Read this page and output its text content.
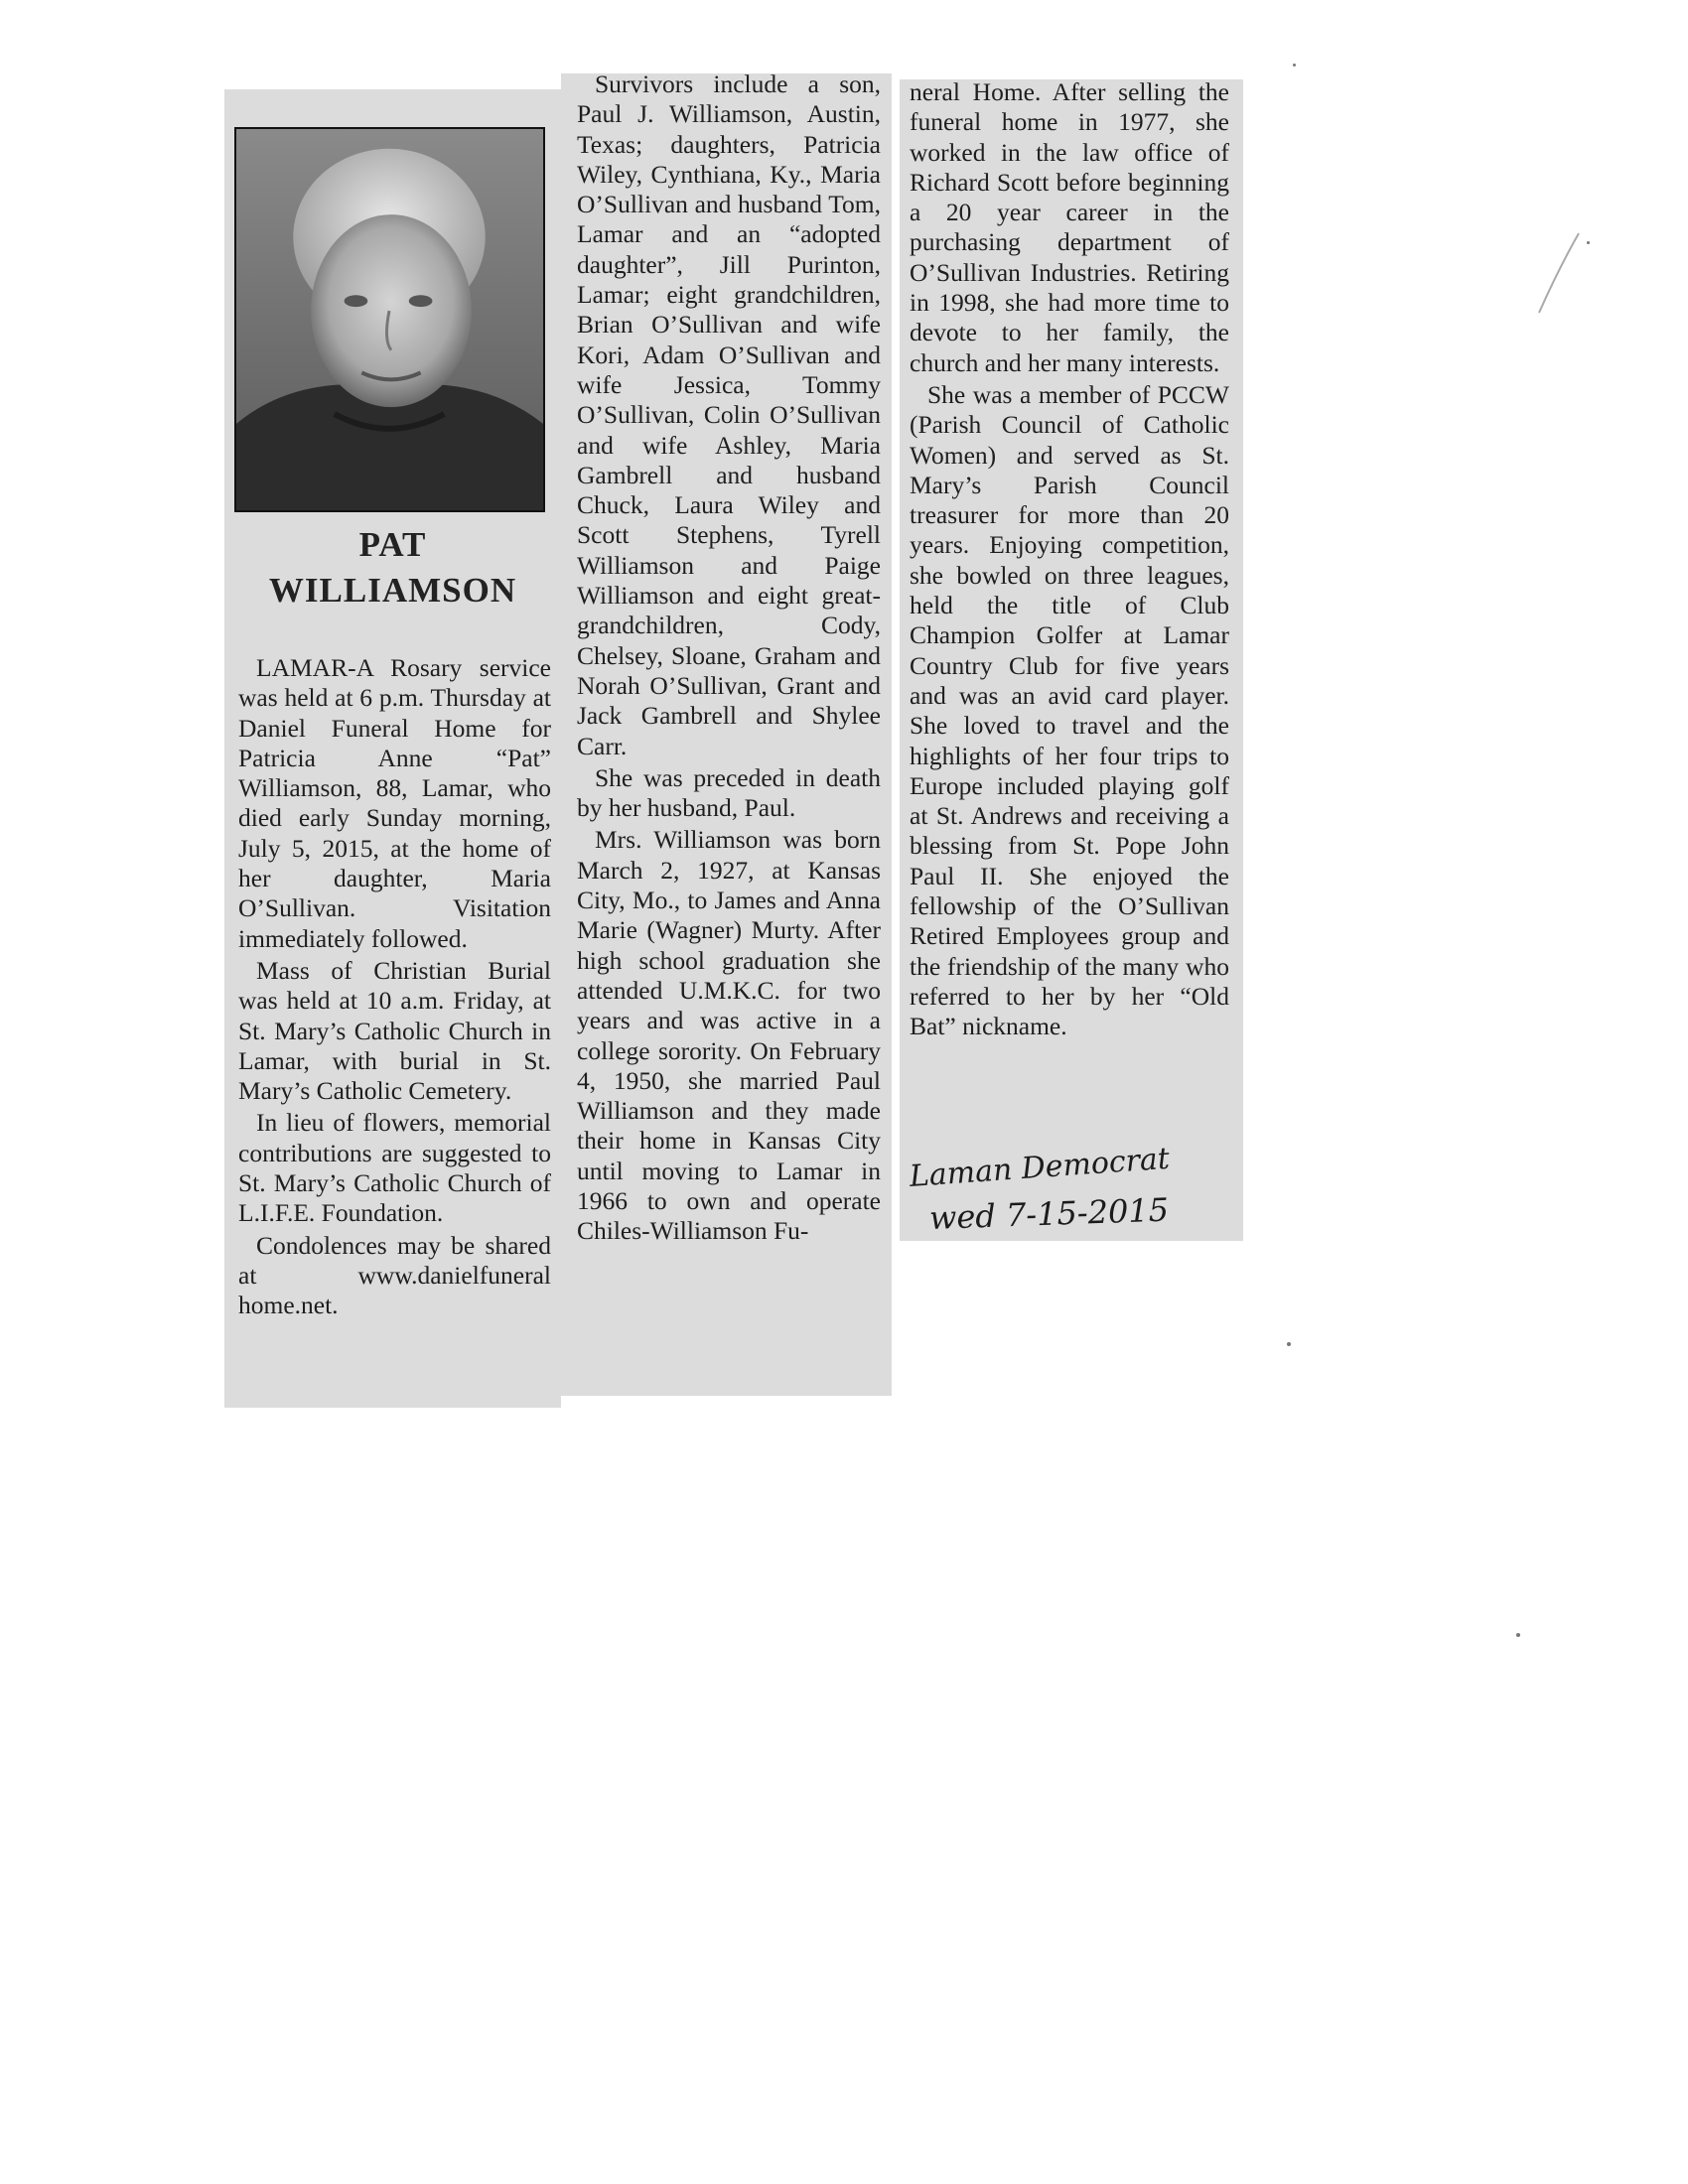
PAT
WILLIAMSON

LAMAR-A Rosary service was held at 6 p.m. Thursday at Daniel Funeral Home for Patricia Anne “Pat” Williamson, 88, Lamar, who died early Sunday morning, July 5, 2015, at the home of her daughter, Maria O’Sullivan. Visitation immediately followed.

Mass of Christian Burial was held at 10 a.m. Friday, at St. Mary’s Catholic Church in Lamar, with burial in St. Mary’s Catholic Cemetery.

In lieu of flowers, memorial contributions are suggested to St. Mary’s Catholic Church of L.I.F.E. Foundation.

Condolences may be shared at www.danielfuneral home.net.

Survivors include a son, Paul J. Williamson, Austin, Texas; daughters, Patricia Wiley, Cynthiana, Ky., Maria O’Sullivan and husband Tom, Lamar and an “adopted daughter”, Jill Purinton, Lamar; eight grandchildren, Brian O’Sullivan and wife Kori, Adam O’Sullivan and wife Jessica, Tommy O’Sullivan, Colin O’Sullivan and wife Ashley, Maria Gambrell and husband Chuck, Laura Wiley and Scott Stephens, Tyrell Williamson and Paige Williamson and eight great-grandchildren, Cody, Chelsey, Sloane, Graham and Norah O’Sullivan, Grant and Jack Gambrell and Shylee Carr.

She was preceded in death by her husband, Paul.

Mrs. Williamson was born March 2, 1927, at Kansas City, Mo., to James and Anna Marie (Wagner) Murty. After high school graduation she attended U.M.K.C. for two years and was active in a college sorority. On February 4, 1950, she married Paul Williamson and they made their home in Kansas City until moving to Lamar in 1966 to own and operate Chiles-Williamson Fu-

neral Home. After selling the funeral home in 1977, she worked in the law office of Richard Scott before beginning a 20 year career in the purchasing department of O’Sullivan Industries. Retiring in 1998, she had more time to devote to her family, the church and her many interests.

She was a member of PCCW (Parish Council of Catholic Women) and served as St. Mary’s Parish Council treasurer for more than 20 years. Enjoying competition, she bowled on three leagues, held the title of Club Champion Golfer at Lamar Country Club for five years and was an avid card player. She loved to travel and the highlights of her four trips to Europe included playing golf at St. Andrews and receiving a blessing from St. Pope John Paul II. She enjoyed the fellowship of the O’Sullivan Retired Employees group and the friendship of the many who referred to her by her “Old Bat” nickname.

Laman Democrat
wed 7-15-2015
